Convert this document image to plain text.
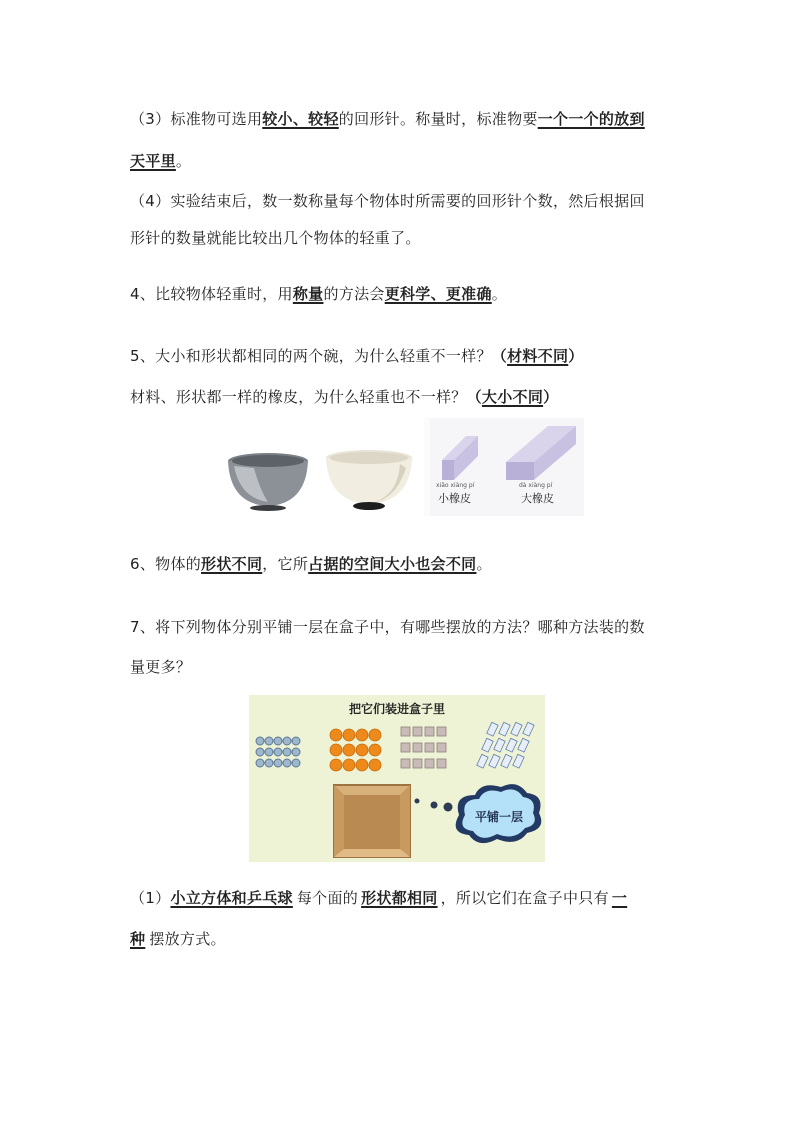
（3）标准物可选用较小、较轻的回形针。称量时，标准物要一个一个的放到
天平里。
（4）实验结束后，数一数称量每个物体时所需要的回形针个数，然后根据回
形针的数量就能比较出几个物体的轻重了。
4、比较物体轻重时，用称量的方法会更科学、更准确。
5、大小和形状都相同的两个碗，为什么轻重不一样？（材料不同）
材料、形状都一样的橡皮，为什么轻重也不一样？（大小不同）
xiǎo xiàng pí
小橡皮
dà xiàng pí
大橡皮
6、物体的形状不同，它所占据的空间大小也会不同。
7、将下列物体分别平铺一层在盒子中，有哪些摆放的方法？哪种方法装的数
量更多？
把它们装进盒子里
平铺一层
（1）小立方体和乒乓球 每个面的 形状都相同 ，所以它们在盒子中只有 一
种 摆放方式。
